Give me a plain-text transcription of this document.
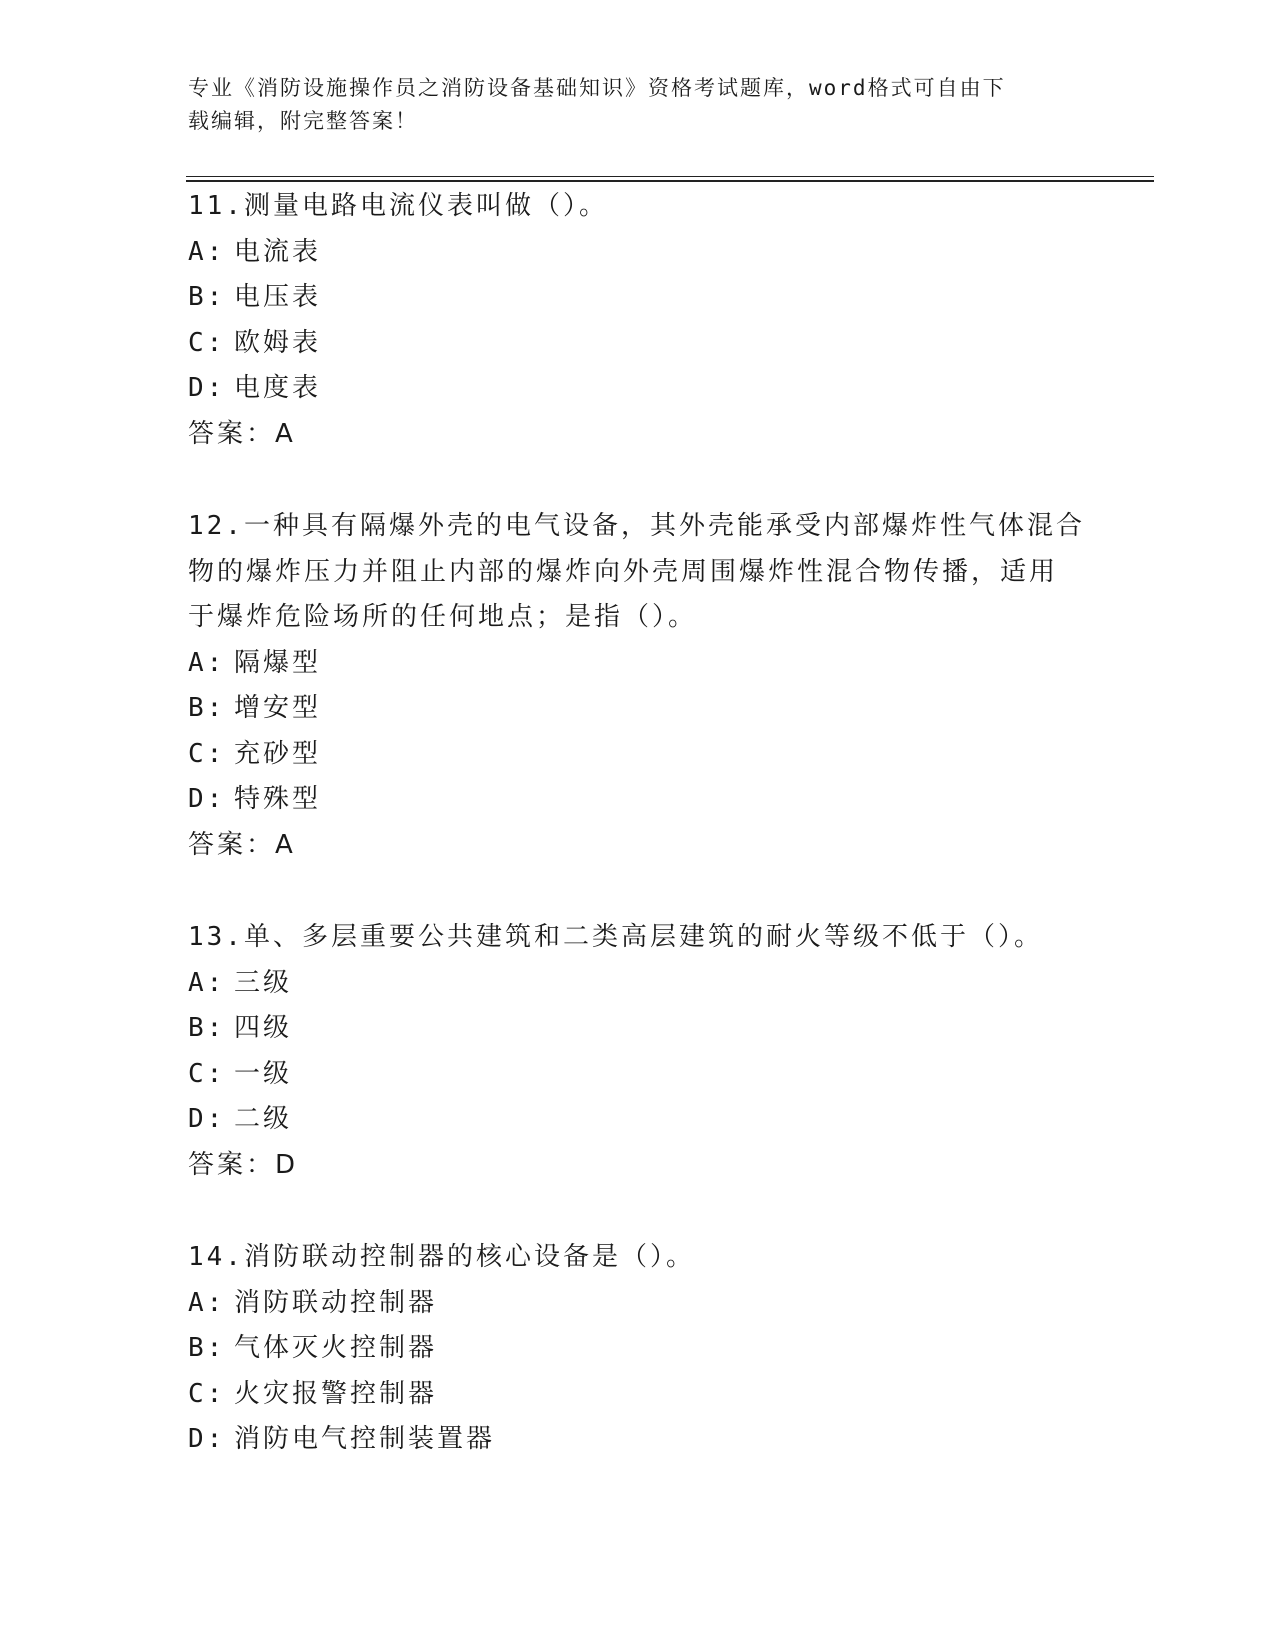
专业《消防设施操作员之消防设备基础知识》资格考试题库，word格式可自由下
载编辑，附完整答案！

11.测量电路电流仪表叫做（）。

A: 电流表

B: 电压表

C: 欧姆表

D: 电度表

答案：A

12.一种具有隔爆外壳的电气设备，其外壳能承受内部爆炸性气体混合

物的爆炸压力并阻止内部的爆炸向外壳周围爆炸性混合物传播，适用

于爆炸危险场所的任何地点；是指（）。

A: 隔爆型

B: 增安型

C: 充砂型

D: 特殊型

答案：A

13.单、多层重要公共建筑和二类高层建筑的耐火等级不低于（）。

A: 三级

B: 四级

C: 一级

D: 二级

答案：D

14.消防联动控制器的核心设备是（）。

A: 消防联动控制器

B: 气体灭火控制器

C: 火灾报警控制器

D: 消防电气控制装置器
